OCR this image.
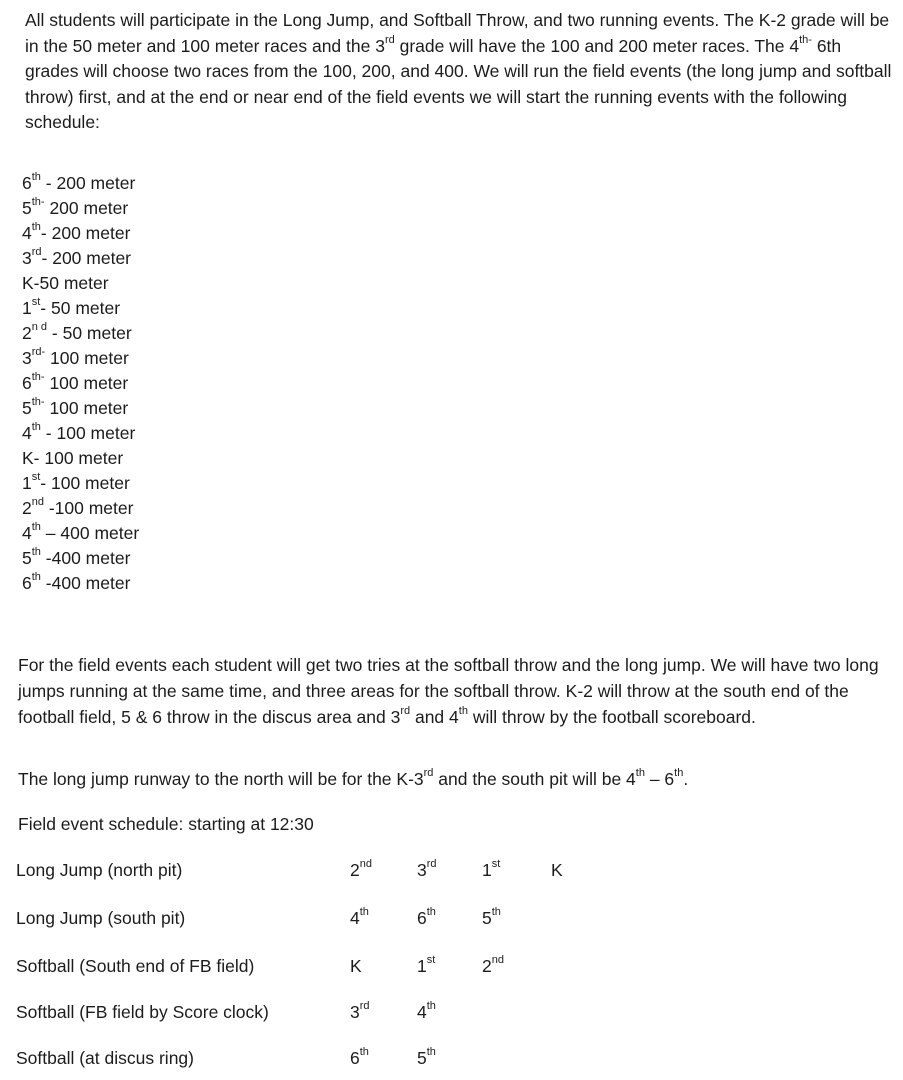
All students will participate in the Long Jump, and Softball Throw, and two running events. The K-2 grade will be in the 50 meter and 100 meter races and the 3rd grade will have the 100 and 200 meter races. The $4^{th-}$ 6th grades will choose two races from the 100, 200, and 400. We will run the field events (the long jump and softball throw) first, and at the end or near end of the field events we will start the running events with the following schedule:

6th - 200 meter
$5^{th-}$ 200 meter
4th- 200 meter
3rd- 200 meter
K-50 meter
1st- 50 meter
$2^{n d} - 50$ meter
$3^{rd-}$ 100 meter
$6^{th-}$ 100 meter
$5^{th-}$ 100 meter
4th - 100 meter
K- 100 meter
1st- 100 meter
2nd -100 meter
4th – 400 meter
5th -400 meter
6th -400 meter

For the field events each student will get two tries at the softball throw and the long jump. We will have two long jumps running at the same time, and three areas for the softball throw. K-2 will throw at the south end of the football field, 5 & 6 throw in the discus area and 3rd and 4th will throw by the football scoreboard.

The long jump runway to the north will be for the K-3rd and the south pit will be 4th – 6th.
Field event schedule: starting at 12:30
Long Jump (north pit)	2nd	3rd	1st	K
Long Jump (south pit)	4th	6th	5th
Softball (South end of FB field)	K	1st	2nd
Softball (FB field by Score clock)	3rd	4th
Softball (at discus ring)	6th	5th
